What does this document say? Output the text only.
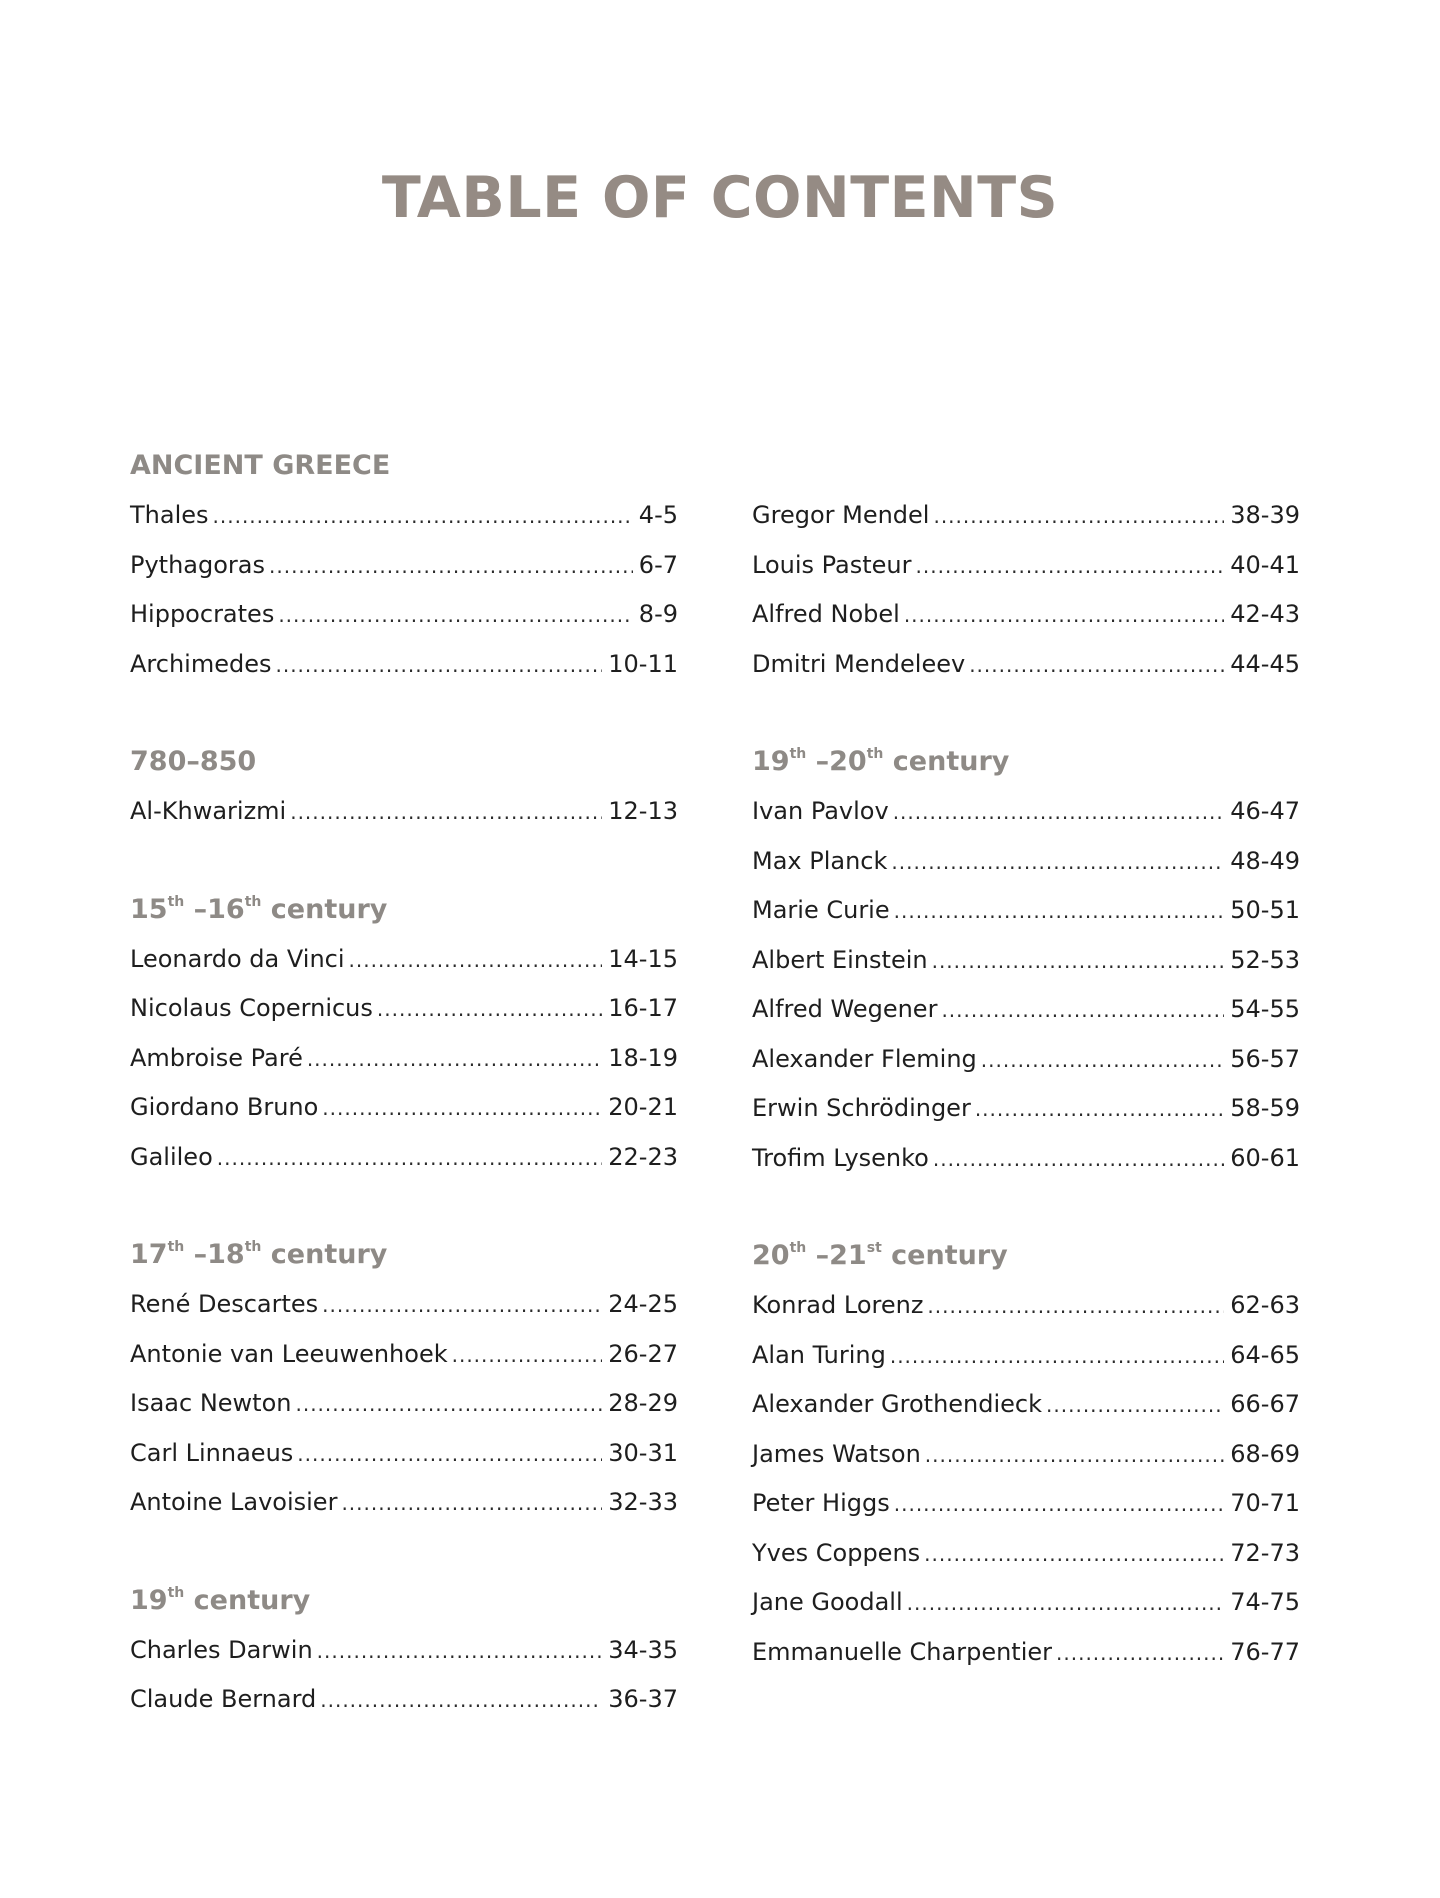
TABLE OF CONTENTS
ANCIENT GREECE
Thales .....	4-5
Pythagoras .....	6-7
Hippocrates .....	8-9
Archimedes .....	10-11
780–850
Al-Khwarizmi .....	12-13
15th –16th century
Leonardo da Vinci .....	14-15
Nicolaus Copernicus .....	16-17
Ambroise Paré .....	18-19
Giordano Bruno .....	20-21
Galileo .....	22-23
17th –18th century
René Descartes .....	24-25
Antonie van Leeuwenhoek .....	26-27
Isaac Newton .....	28-29
Carl Linnaeus .....	30-31
Antoine Lavoisier .....	32-33
19th century
Charles Darwin .....	34-35
Claude Bernard .....	36-37
Gregor Mendel .....	38-39
Louis Pasteur .....	40-41
Alfred Nobel .....	42-43
Dmitri Mendeleev .....	44-45
19th –20th century
Ivan Pavlov .....	46-47
Max Planck .....	48-49
Marie Curie .....	50-51
Albert Einstein .....	52-53
Alfred Wegener .....	54-55
Alexander Fleming .....	56-57
Erwin Schrödinger .....	58-59
Trofim Lysenko .....	60-61
20th –21st century
Konrad Lorenz .....	62-63
Alan Turing .....	64-65
Alexander Grothendieck .....	66-67
James Watson .....	68-69
Peter Higgs .....	70-71
Yves Coppens .....	72-73
Jane Goodall .....	74-75
Emmanuelle Charpentier .....	76-77
